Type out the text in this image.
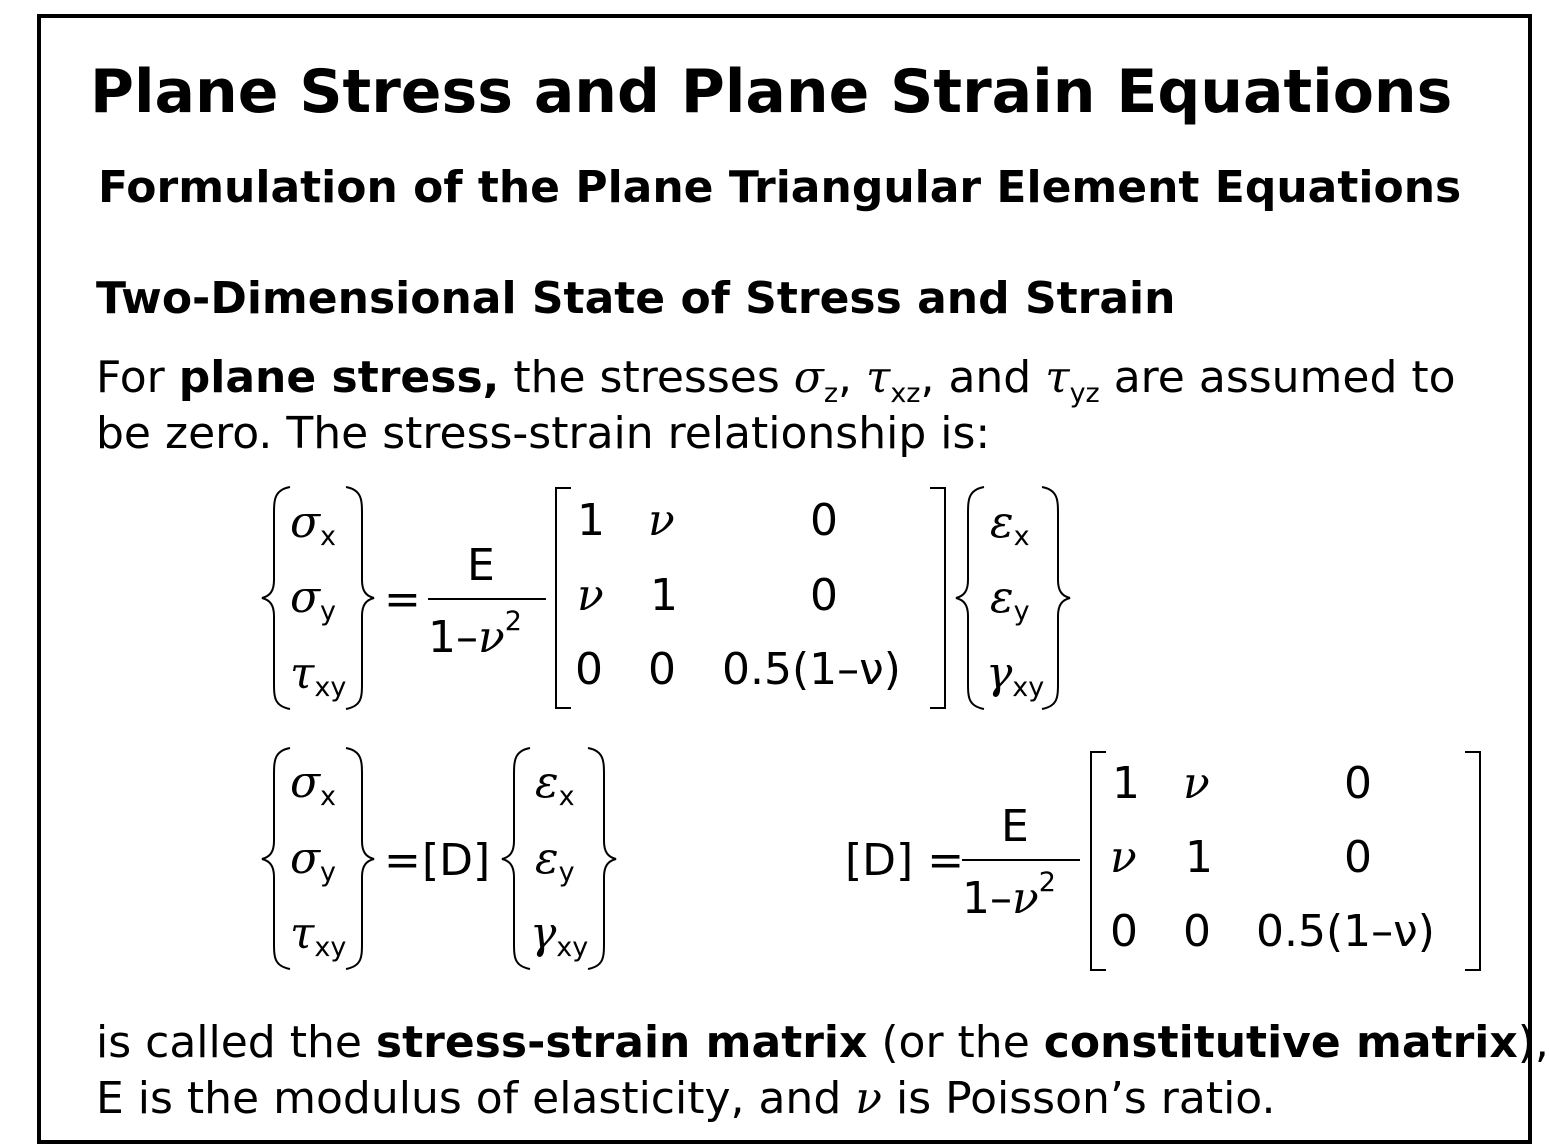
Plane Stress and Plane Strain Equations
Formulation of the Plane Triangular Element Equations
Two-Dimensional State of Stress and Strain

For plane stress, the stresses $\sigma_z$, $\tau_{xz}$, and $\tau_{yz}$ are assumed to
be zero. The stress-strain relationship is:

σx
σy
τxy
=
E
$1-\nu^2$
1 ν	0
ν 1	0
0 0 0.5(1–ν)
εx
εy
γxy
σx
σy
τxy
= [D]
εx
εy
γxy
[D] =
E
$1-\nu^2$
1 ν	0
ν 1	0
0 0 0.5(1–ν)

is called the stress-strain matrix (or the constitutive matrix),
E is the modulus of elasticity, and ν is Poisson’s ratio.
